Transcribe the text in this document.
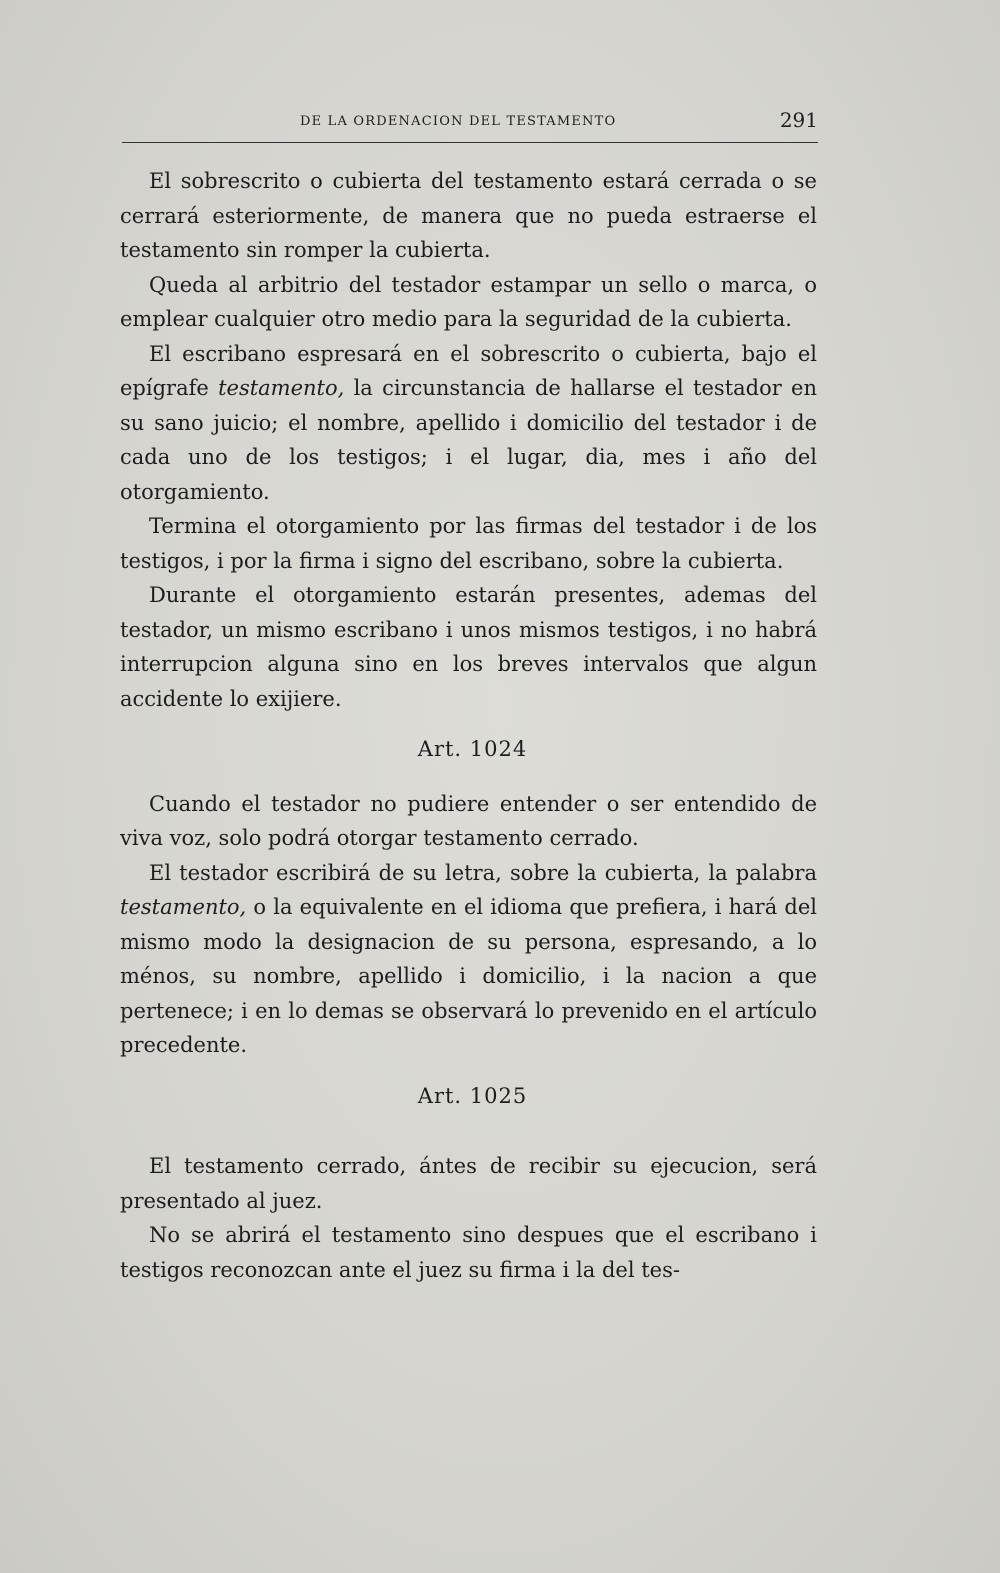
DE LA ORDENACION DEL TESTAMENTO	291

El sobrescrito o cubierta del testamento estará cerrada o se cerrará esteriormente, de manera que no pueda estraerse el testamento sin romper la cubierta.

Queda al arbitrio del testador estampar un sello o marca, o emplear cualquier otro medio para la seguridad de la cubierta.

El escribano espresará en el sobrescrito o cubierta, bajo el epígrafe testamento, la circunstancia de hallarse el testador en su sano juicio; el nombre, apellido i domicilio del testador i de cada uno de los testigos; i el lugar, dia, mes i año del otorgamiento.

Termina el otorgamiento por las firmas del testador i de los testigos, i por la firma i signo del escribano, sobre la cubierta.

Durante el otorgamiento estarán presentes, ademas del testador, un mismo escribano i unos mismos testigos, i no habrá interrupcion alguna sino en los breves intervalos que algun accidente lo exijiere.

Art. 1024

Cuando el testador no pudiere entender o ser entendido de viva voz, solo podrá otorgar testamento cerrado.

El testador escribirá de su letra, sobre la cubierta, la palabra testamento, o la equivalente en el idioma que prefiera, i hará del mismo modo la designacion de su persona, espresando, a lo ménos, su nombre, apellido i domicilio, i la nacion a que pertenece; i en lo demas se observará lo prevenido en el artículo precedente.

Art. 1025

El testamento cerrado, ántes de recibir su ejecucion, será presentado al juez.

No se abrirá el testamento sino despues que el escribano i testigos reconozcan ante el juez su firma i la del tes-
